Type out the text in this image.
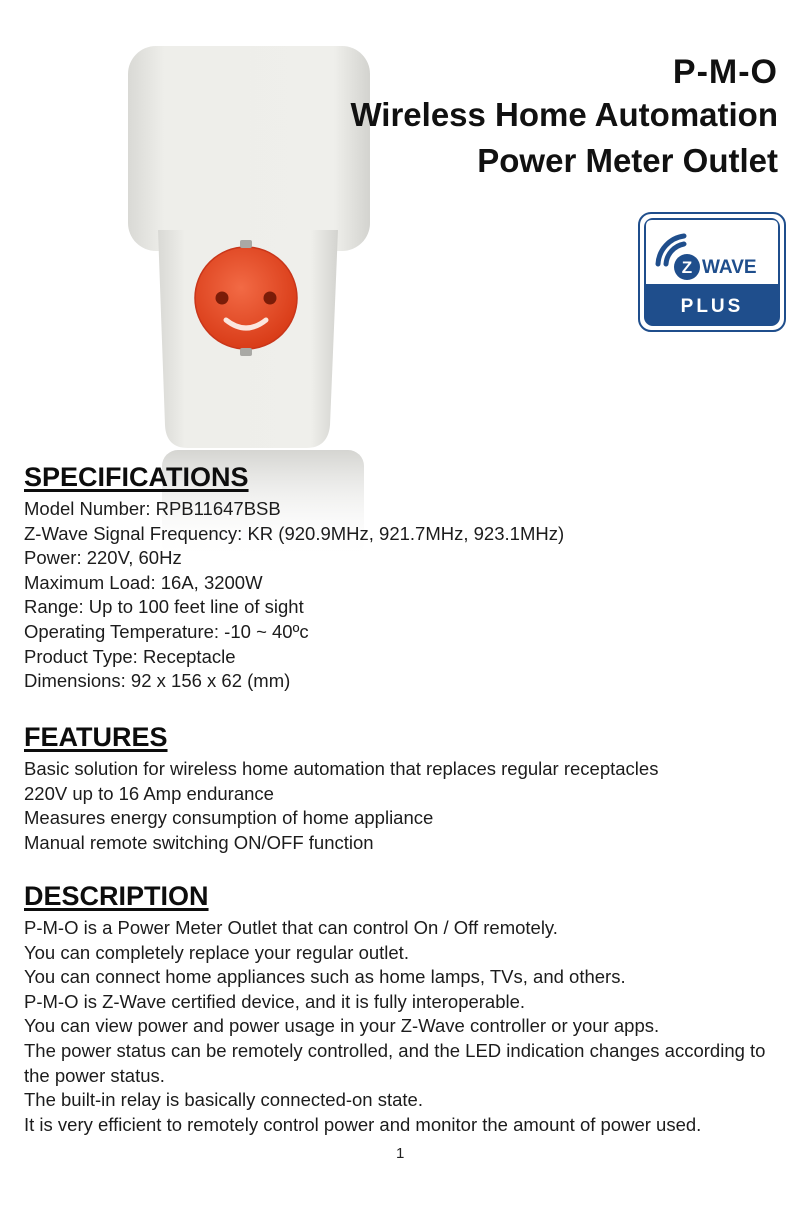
P-M-O
Wireless Home Automation
Power Meter Outlet
Z WAVE
PLUS
SPECIFICATIONS
Model Number: RPB11647BSB
Z-Wave Signal Frequency: KR (920.9MHz, 921.7MHz, 923.1MHz)
Power: 220V, 60Hz
Maximum Load: 16A, 3200W
Range: Up to 100 feet line of sight
Operating Temperature: -10 ~ 40ºc
Product Type: Receptacle
Dimensions: 92 x 156 x 62 (mm)
FEATURES
Basic solution for wireless home automation that replaces regular receptacles
220V up to 16 Amp endurance
Measures energy consumption of home appliance
Manual remote switching ON/OFF function
DESCRIPTION
P-M-O is a Power Meter Outlet that can control On / Off remotely.
You can completely replace your regular outlet.
You can connect home appliances such as home lamps, TVs, and others.
P-M-O is Z-Wave certified device, and it is fully interoperable.
You can view power and power usage in your Z-Wave controller or your apps.
The power status can be remotely controlled, and the LED indication changes according to the power status.
The built-in relay is basically connected-on state.
It is very efficient to remotely control power and monitor the amount of power used.
1
